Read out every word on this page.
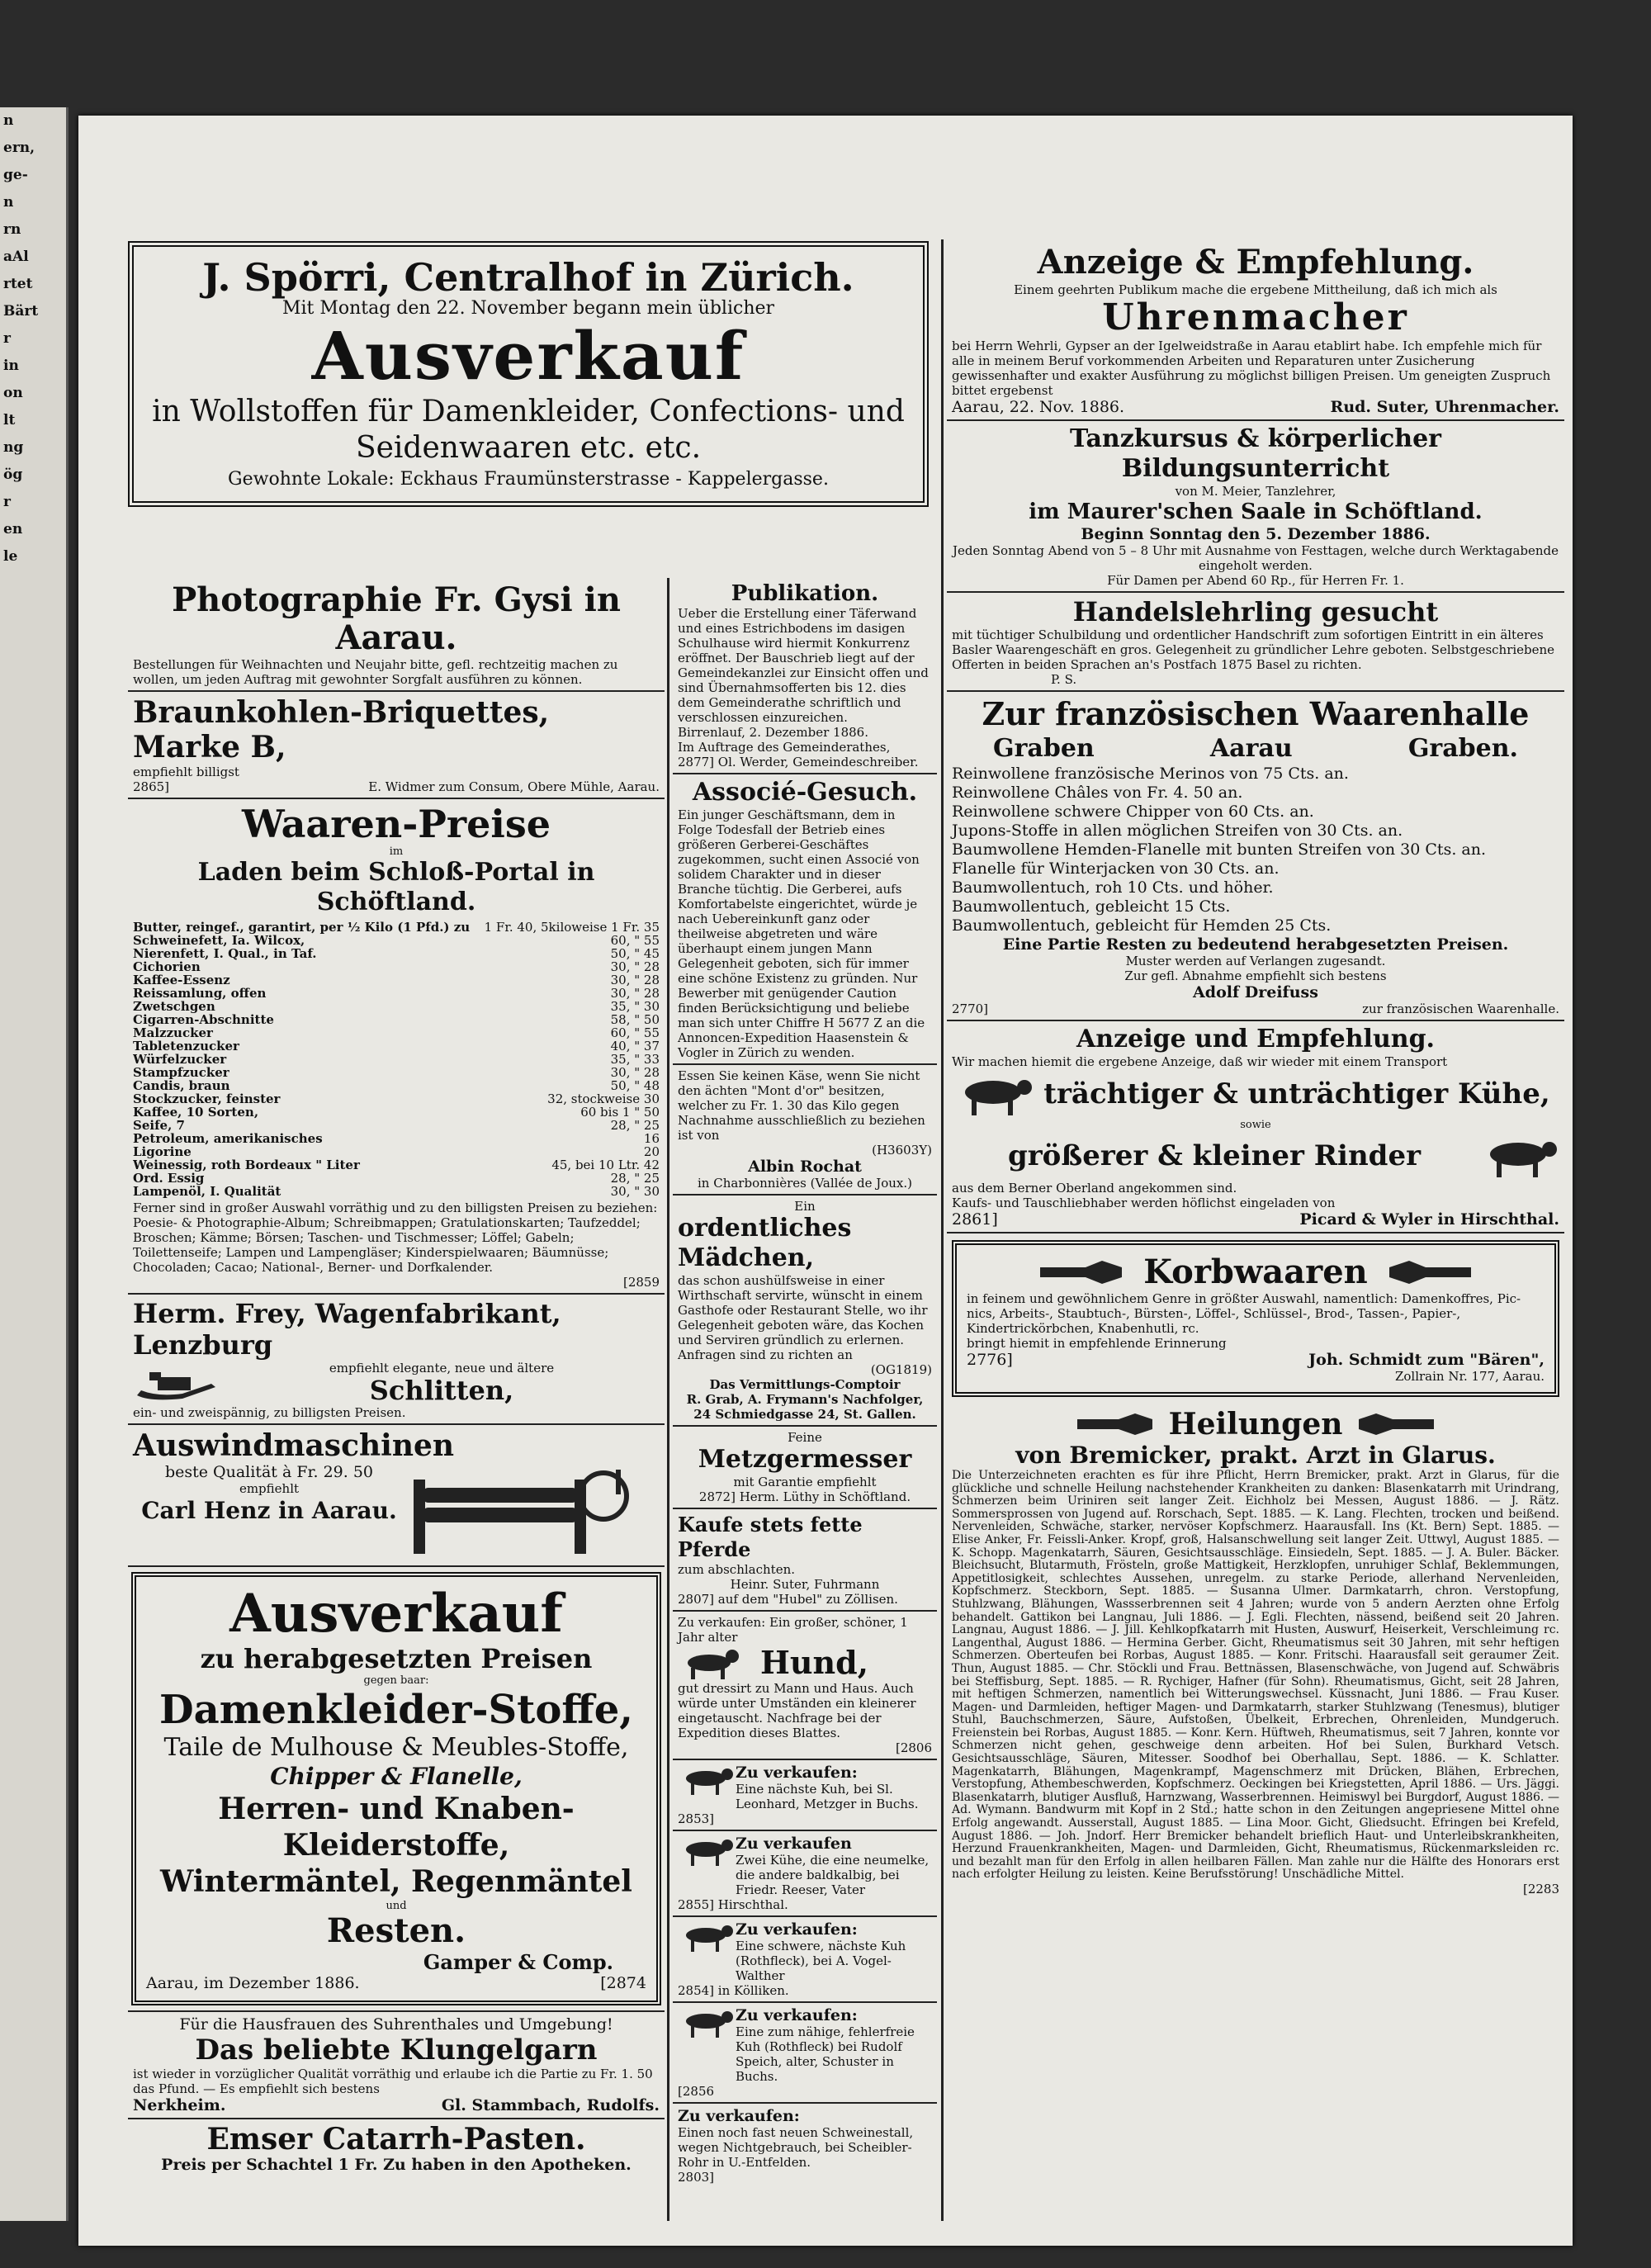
n
ern,
ge-
n
rn
aAl
rtet
Bärt
r
in
on
lt
ng
ög
r
en
le
J. Spörri, Centralhof in Zürich.
Mit Montag den 22. November begann mein üblicher
Ausverkauf
in Wollstoffen für Damenkleider, Confections- und Seidenwaaren etc. etc.
Gewohnte Lokale: Eckhaus Fraumünsterstrasse - Kappelergasse.
Photographie Fr. Gysi in Aarau.
Bestellungen für Weihnachten und Neujahr bitte, gefl. rechtzeitig machen zu wollen, um jeden Auftrag mit gewohnter Sorgfalt ausführen zu können.
Braunkohlen-Briquettes, Marke B,
empfiehlt billigst
2865]	E. Widmer zum Consum, Obere Mühle, Aarau.
Waaren-Preise
im
Laden beim Schloß-Portal in Schöftland.
Butter, reingef., garantirt, per ½ Kilo (1 Pfd.) zu	1 Fr. 40, 5kiloweise 1 Fr. 35
Schweinefett, Ia. Wilcox,	60, " 55
Nierenfett, I. Qual., in Taf.	50, " 45
Cichorien	30, " 28
Kaffee-Essenz	30, " 28
Reissamlung, offen	30, " 28
Zwetschgen	35, " 30
Cigarren-Abschnitte	58, " 50
Malzzucker	60, " 55
Tabletenzucker	40, " 37
Würfelzucker	35, " 33
Stampfzucker	30, " 28
Candis, braun	50, " 48
Stockzucker, feinster	32, stockweise 30
Kaffee, 10 Sorten,	60 bis 1 " 50
Seife, 7	28, " 25
Petroleum, amerikanisches	16
Ligorine	20
Weinessig, roth Bordeaux " Liter	45, bei 10 Ltr. 42
Ord. Essig	28, " 25
Lampenöl, I. Qualität	30, " 30
Ferner sind in großer Auswahl vorräthig und zu den billigsten Preisen zu beziehen: Poesie- & Photographie-Album; Schreibmappen; Gratulationskarten; Taufzeddel; Broschen; Kämme; Börsen; Taschen- und Tischmesser; Löffel; Gabeln; Toilettenseife; Lampen und Lampengläser; Kinderspielwaaren; Bäumnüsse; Chocoladen; Cacao; National-, Berner- und Dorfkalender.
[2859
Herm. Frey, Wagenfabrikant, Lenzburg
empfiehlt elegante, neue und ältere
Schlitten,
ein- und zweispännig, zu billigsten Preisen.
Auswindmaschinen
beste Qualität à Fr. 29. 50
empfiehlt
Carl Henz in Aarau.
Ausverkauf
zu herabgesetzten Preisen
gegen baar:
Damenkleider-Stoffe,
Taile de Mulhouse & Meubles-Stoffe,
Chipper & Flanelle,
Herren- und Knaben-Kleiderstoffe,
Wintermäntel, Regenmäntel
und
Resten.
Gamper & Comp.
Aarau, im Dezember 1886.	[2874
Für die Hausfrauen des Suhrenthales und Umgebung!
Das beliebte Klungelgarn
ist wieder in vorzüglicher Qualität vorräthig und erlaube ich die Partie zu Fr. 1. 50 das Pfund. — Es empfiehlt sich bestens
Nerkheim.	Gl. Stammbach, Rudolfs.
Emser Catarrh-Pasten.
Preis per Schachtel 1 Fr. Zu haben in den Apotheken.
Publikation.
Ueber die Erstellung einer Täferwand und eines Estrichbodens im dasigen Schulhause wird hiermit Konkurrenz eröffnet. Der Bauschrieb liegt auf der Gemeindekanzlei zur Einsicht offen und sind Übernahmsofferten bis 12. dies dem Gemeinderathe schriftlich und verschlossen einzureichen.
Birrenlauf, 2. Dezember 1886.
Im Auftrage des Gemeinderathes,
2877] Ol. Werder, Gemeindeschreiber.
Associé-Gesuch.
Ein junger Geschäftsmann, dem in Folge Todesfall der Betrieb eines größeren Gerberei-Geschäftes zugekommen, sucht einen Associé von solidem Charakter und in dieser Branche tüchtig. Die Gerberei, aufs Komfortabelste eingerichtet, würde je nach Uebereinkunft ganz oder theilweise abgetreten und wäre überhaupt einem jungen Mann Gelegenheit geboten, sich für immer eine schöne Existenz zu gründen. Nur Bewerber mit genügender Caution finden Berücksichtigung und beliebe man sich unter Chiffre H 5677 Z an die Annoncen-Expedition Haasenstein & Vogler in Zürich zu wenden.
Essen Sie keinen Käse, wenn Sie nicht den ächten "Mont d'or" besitzen, welcher zu Fr. 1. 30 das Kilo gegen Nachnahme ausschließlich zu beziehen ist von
(H3603Y)
Albin Rochat
in Charbonnières (Vallée de Joux.)
Ein
ordentliches Mädchen,
das schon aushülfsweise in einer Wirthschaft servirte, wünscht in einem Gasthofe oder Restaurant Stelle, wo ihr Gelegenheit geboten wäre, das Kochen und Serviren gründlich zu erlernen. Anfragen sind zu richten an
(OG1819)
Das Vermittlungs-Comptoir
R. Grab, A. Frymann's Nachfolger,
24 Schmiedgasse 24, St. Gallen.
Feine
Metzgermesser
mit Garantie empfiehlt
2872] Herm. Lüthy in Schöftland.
Kaufe stets fette Pferde
zum abschlachten.
Heinr. Suter, Fuhrmann
2807] auf dem "Hubel" zu Zöllisen.
Zu verkaufen: Ein großer, schöner, 1 Jahr alter
Hund,
gut dressirt zu Mann und Haus. Auch würde unter Umständen ein kleinerer eingetauscht. Nachfrage bei der Expedition dieses Blattes.
[2806
Zu verkaufen:
Eine nächste Kuh, bei Sl. Leonhard, Metzger in Buchs.
2853]
Zu verkaufen
Zwei Kühe, die eine neumelke, die andere baldkalbig, bei Friedr. Reeser, Vater
2855] Hirschthal.
Zu verkaufen:
Eine schwere, nächste Kuh (Rothfleck), bei A. Vogel-Walther
2854] in Kölliken.
Zu verkaufen:
Eine zum nähige, fehlerfreie Kuh (Rothfleck) bei Rudolf Speich, alter, Schuster in Buchs.
[2856
Zu verkaufen:
Einen noch fast neuen Schweinestall, wegen Nichtgebrauch, bei Scheibler-Rohr in U.-Entfelden.
2803]
Anzeige & Empfehlung.
Einem geehrten Publikum mache die ergebene Mittheilung, daß ich mich als
Uhrenmacher
bei Herrn Wehrli, Gypser an der Igelweidstraße in Aarau etablirt habe. Ich empfehle mich für alle in meinem Beruf vorkommenden Arbeiten und Reparaturen unter Zusicherung gewissenhafter und exakter Ausführung zu möglichst billigen Preisen. Um geneigten Zuspruch bittet ergebenst
Aarau, 22. Nov. 1886.	Rud. Suter, Uhrenmacher.
Tanzkursus & körperlicher Bildungsunterricht
von M. Meier, Tanzlehrer,
im Maurer'schen Saale in Schöftland.
Beginn Sonntag den 5. Dezember 1886.
Jeden Sonntag Abend von 5 – 8 Uhr mit Ausnahme von Festtagen, welche durch Werktagabende eingeholt werden.
Für Damen per Abend 60 Rp., für Herren Fr. 1.
Handelslehrling gesucht
mit tüchtiger Schulbildung und ordentlicher Handschrift zum sofortigen Eintritt in ein älteres Basler Waarengeschäft en gros. Gelegenheit zu gründlicher Lehre geboten. Selbstgeschriebene Offerten in beiden Sprachen an's Postfach 1875 Basel zu richten.
P. S.
Zur französischen Waarenhalle
Graben	Aarau	Graben.
Reinwollene französische Merinos von 75 Cts. an.
Reinwollene Châles von Fr. 4. 50 an.
Reinwollene schwere Chipper von 60 Cts. an.
Jupons-Stoffe in allen möglichen Streifen von 30 Cts. an.
Baumwollene Hemden-Flanelle mit bunten Streifen von 30 Cts. an.
Flanelle für Winterjacken von 30 Cts. an.
Baumwollentuch, roh 10 Cts. und höher.
Baumwollentuch, gebleicht 15 Cts.
Baumwollentuch, gebleicht für Hemden 25 Cts.
Eine Partie Resten zu bedeutend herabgesetzten Preisen.
Muster werden auf Verlangen zugesandt.
Zur gefl. Abnahme empfiehlt sich bestens
Adolf Dreifuss
2770]	zur französischen Waarenhalle.
Anzeige und Empfehlung.
Wir machen hiemit die ergebene Anzeige, daß wir wieder mit einem Transport
trächtiger & unträchtiger Kühe,
sowie
größerer & kleiner Rinder
aus dem Berner Oberland angekommen sind.
Kaufs- und Tauschliebhaber werden höflichst eingeladen von
2861]	Picard & Wyler in Hirschthal.
Korbwaaren
in feinem und gewöhnlichem Genre in größter Auswahl, namentlich: Damenkoffres, Pic-nics, Arbeits-, Staubtuch-, Bürsten-, Löffel-, Schlüssel-, Brod-, Tassen-, Papier-, Kindertrickörbchen, Knabenhutli, rc.
bringt hiemit in empfehlende Erinnerung
2776]	Joh. Schmidt zum "Bären",
Zollrain Nr. 177, Aarau.
Heilungen
von Bremicker, prakt. Arzt in Glarus.
Die Unterzeichneten erachten es für ihre Pflicht, Herrn Bremicker, prakt. Arzt in Glarus, für die glückliche und schnelle Heilung nachstehender Krankheiten zu danken: Blasenkatarrh mit Urindrang, Schmerzen beim Uriniren seit langer Zeit. Eichholz bei Messen, August 1886. — J. Rätz. Sommersprossen von Jugend auf. Rorschach, Sept. 1885. — K. Lang. Flechten, trocken und beißend. Nervenleiden, Schwäche, starker, nervöser Kopfschmerz. Haarausfall. Ins (Kt. Bern) Sept. 1885. — Elise Anker, Fr. Feissli-Anker. Kropf, groß, Halsanschwellung seit langer Zeit. Uttwyl, August 1885. — K. Schopp. Magenkatarrh, Säuren, Gesichtsausschläge. Einsiedeln, Sept. 1885. — J. A. Buler. Bäcker. Bleichsucht, Blutarmuth, Frösteln, große Mattigkeit, Herzklopfen, unruhiger Schlaf, Beklemmungen, Appetitlosigkeit, schlechtes Aussehen, unregelm. zu starke Periode, allerhand Nervenleiden, Kopfschmerz. Steckborn, Sept. 1885. — Susanna Ulmer. Darmkatarrh, chron. Verstopfung, Stuhlzwang, Blähungen, Wassserbrennen seit 4 Jahren; wurde von 5 andern Aerzten ohne Erfolg behandelt. Gattikon bei Langnau, Juli 1886. — J. Egli. Flechten, nässend, beißend seit 20 Jahren. Langnau, August 1886. — J. Jill. Kehlkopfkatarrh mit Husten, Auswurf, Heiserkeit, Verschleimung rc. Langenthal, August 1886. — Hermina Gerber. Gicht, Rheumatismus seit 30 Jahren, mit sehr heftigen Schmerzen. Oberteufen bei Rorbas, August 1885. — Konr. Fritschi. Haarausfall seit geraumer Zeit. Thun, August 1885. — Chr. Stöckli und Frau. Bettnässen, Blasenschwäche, von Jugend auf. Schwäbris bei Steffisburg, Sept. 1885. — R. Rychiger, Hafner (für Sohn). Rheumatismus, Gicht, seit 28 Jahren, mit heftigen Schmerzen, namentlich bei Witterungswechsel. Küssnacht, Juni 1886. — Frau Kuser. Magen- und Darmleiden, heftiger Magen- und Darmkatarrh, starker Stuhlzwang (Tenesmus), blutiger Stuhl, Bauchschmerzen, Säure, Aufstoßen, Übelkeit, Erbrechen, Ohrenleiden, Mundgeruch. Freienstein bei Rorbas, August 1885. — Konr. Kern. Hüftweh, Rheumatismus, seit 7 Jahren, konnte vor Schmerzen nicht gehen, geschweige denn arbeiten. Hof bei Sulen, Burkhard Vetsch. Gesichtsausschläge, Säuren, Mitesser. Soodhof bei Oberhallau, Sept. 1886. — K. Schlatter. Magenkatarrh, Blähungen, Magenkrampf, Magenschmerz mit Drücken, Blähen, Erbrechen, Verstopfung, Athembeschwerden, Kopfschmerz. Oeckingen bei Kriegstetten, April 1886. — Urs. Jäggi. Blasenkatarrh, blutiger Ausfluß, Harnzwang, Wasserbrennen. Heimiswyl bei Burgdorf, August 1886. — Ad. Wymann. Bandwurm mit Kopf in 2 Std.; hatte schon in den Zeitungen angepriesene Mittel ohne Erfolg angewandt. Ausserstall, August 1885. — Lina Moor. Gicht, Gliedsucht. Efringen bei Krefeld, August 1886. — Joh. Jndorf. Herr Bremicker behandelt brieflich Haut- und Unterleibskrankheiten, Herzund Frauenkrankheiten, Magen- und Darmleiden, Gicht, Rheumatismus, Rückenmarksleiden rc. und bezahlt man für den Erfolg in allen heilbaren Fällen. Man zahle nur die Hälfte des Honorars erst nach erfolgter Heilung zu leisten. Keine Berufsstörung! Unschädliche Mittel.
[2283
